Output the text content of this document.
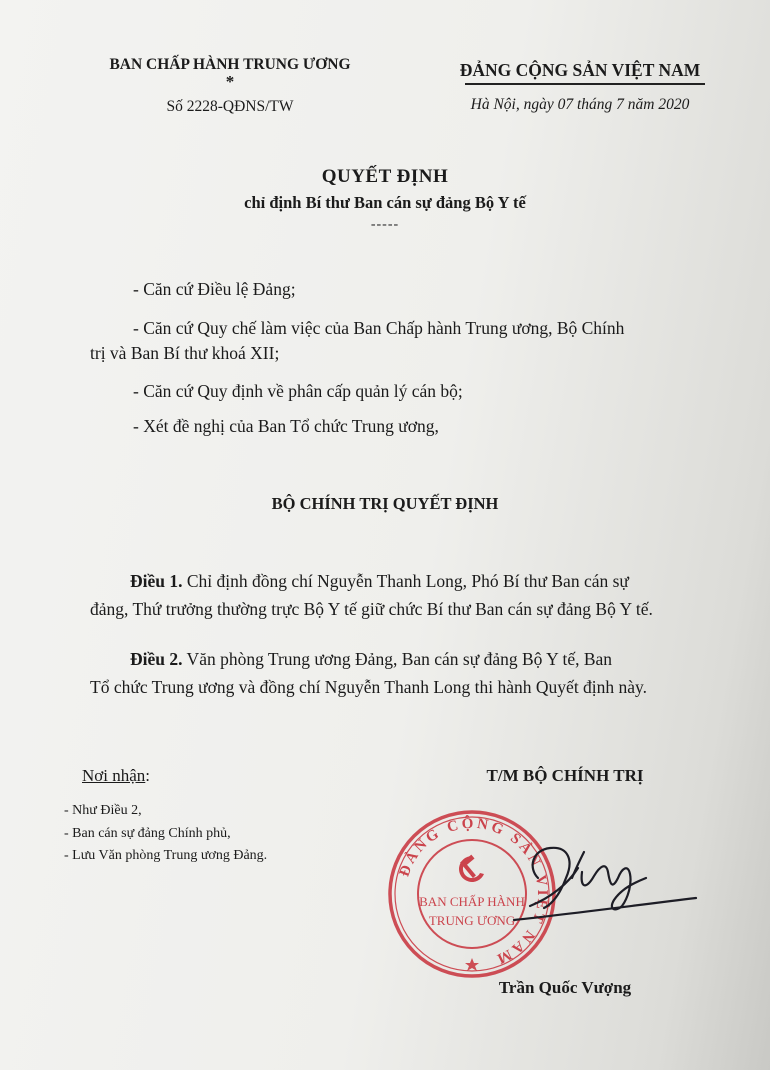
BAN CHẤP HÀNH TRUNG ƯƠNG
*
Số 2228-QĐNS/TW
ĐẢNG CỘNG SẢN VIỆT NAM
Hà Nội, ngày 07 tháng 7 năm 2020
QUYẾT ĐỊNH
chỉ định Bí thư Ban cán sự đảng Bộ Y tế
-----
- Căn cứ Điều lệ Đảng;
- Căn cứ Quy chế làm việc của Ban Chấp hành Trung ương, Bộ Chính
trị và Ban Bí thư khoá XII;
- Căn cứ Quy định về phân cấp quản lý cán bộ;
- Xét đề nghị của Ban Tổ chức Trung ương,
BỘ CHÍNH TRỊ QUYẾT ĐỊNH
Điều 1. Chỉ định đồng chí Nguyễn Thanh Long, Phó Bí thư Ban cán sự
đảng, Thứ trưởng thường trực Bộ Y tế giữ chức Bí thư Ban cán sự đảng Bộ Y tế.
Điều 2. Văn phòng Trung ương Đảng, Ban cán sự đảng Bộ Y tế, Ban
Tổ chức Trung ương và đồng chí Nguyễn Thanh Long thi hành Quyết định này.
Nơi nhận:
- Như Điều 2,
- Ban cán sự đảng Chính phủ,
- Lưu Văn phòng Trung ương Đảng.
T/M BỘ CHÍNH TRỊ
ĐẢNG CỘNG SẢN VIỆT NAM
BAN CHẤP HÀNH
TRUNG ƯƠNG
Trần Quốc Vượng
